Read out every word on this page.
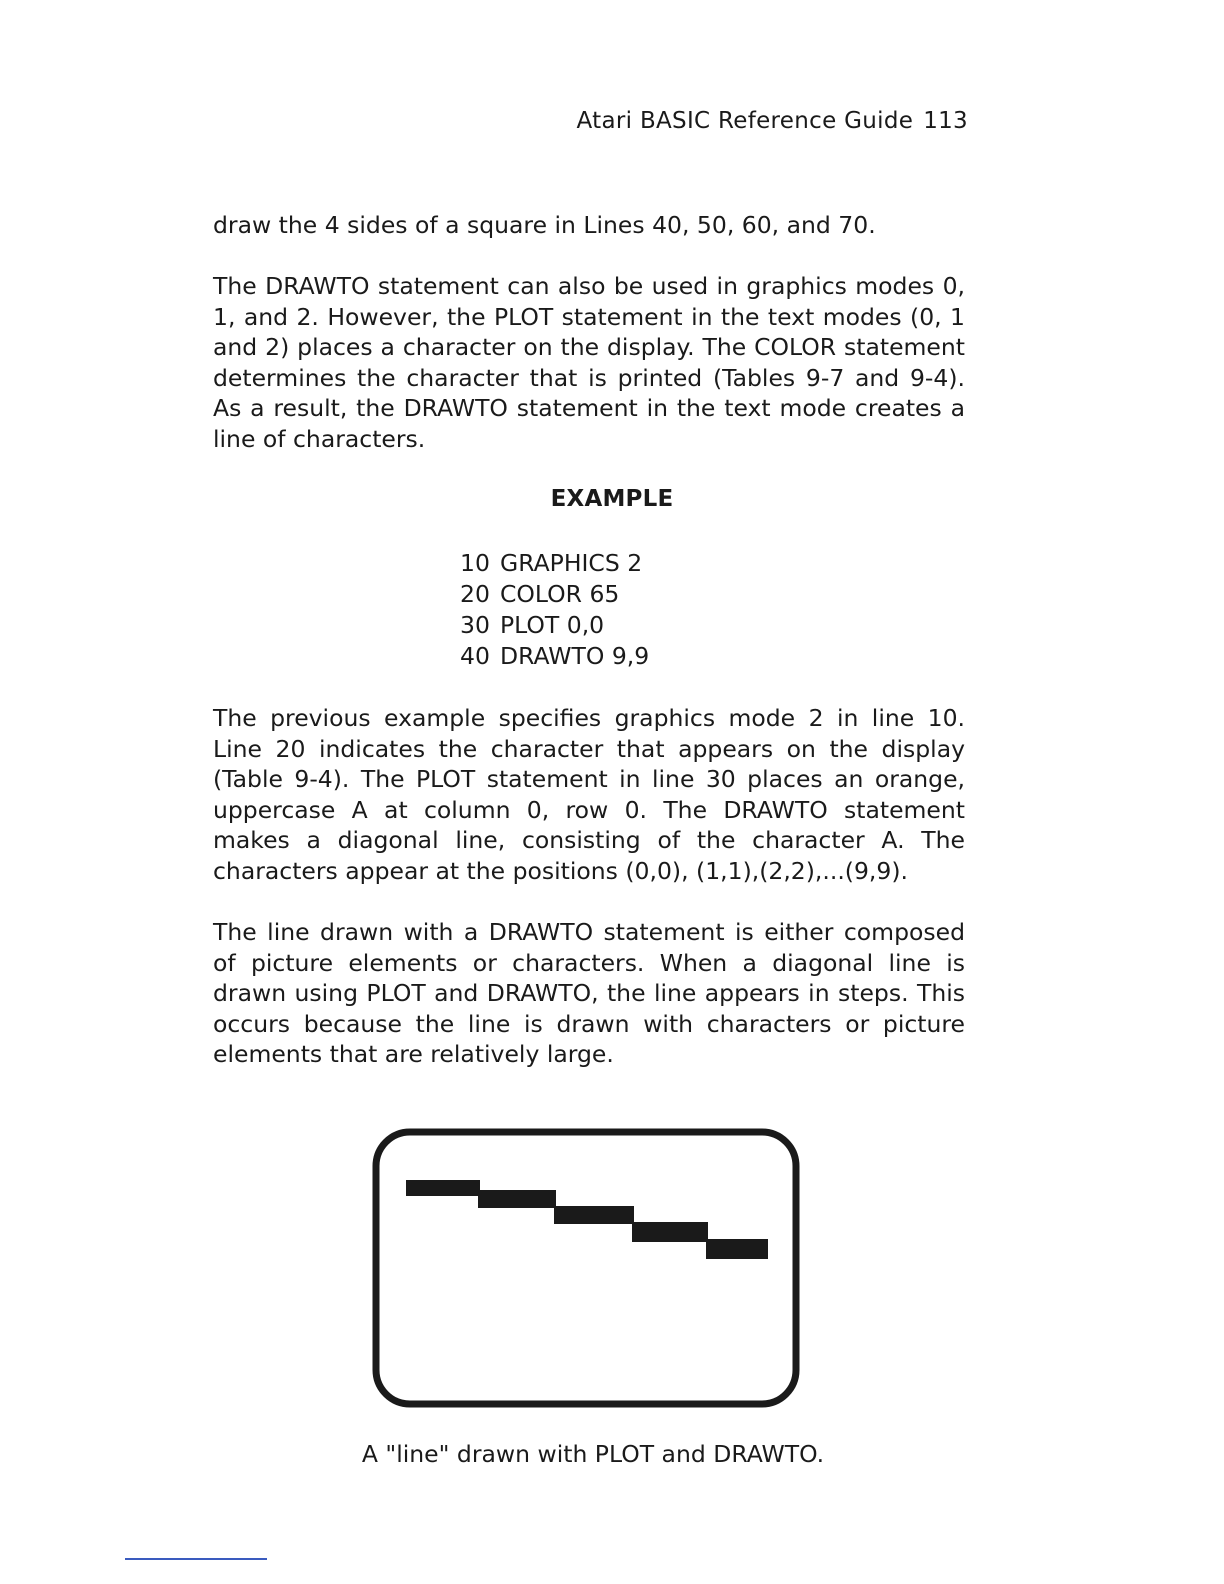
Atari BASIC Reference Guide 113

draw the 4 sides of a square in Lines 40, 50, 60, and 70.

The DRAWTO statement can also be used in graphics modes 0, 1, and 2. However, the PLOT statement in the text modes (0, 1 and 2) places a character on the display. The COLOR statement determines the character that is printed (Tables 9-7 and 9-4). As a result, the DRAWTO statement in the text mode creates a line of characters.

EXAMPLE
10 GRAPHICS 2
20 COLOR 65
30 PLOT 0,0
40 DRAWTO 9,9

The previous example specifies graphics mode 2 in line 10. Line 20 indicates the character that appears on the display (Table 9-4). The PLOT statement in line 30 places an orange, uppercase A at column 0, row 0. The DRAWTO statement makes a diagonal line, consisting of the character A. The characters appear at the positions (0,0), (1,1),(2,2),...(9,9).

The line drawn with a DRAWTO statement is either composed of picture elements or characters. When a diagonal line is drawn using PLOT and DRAWTO, the line appears in steps. This occurs because the line is drawn with characters or picture elements that are relatively large.

A "line" drawn with PLOT and DRAWTO.
